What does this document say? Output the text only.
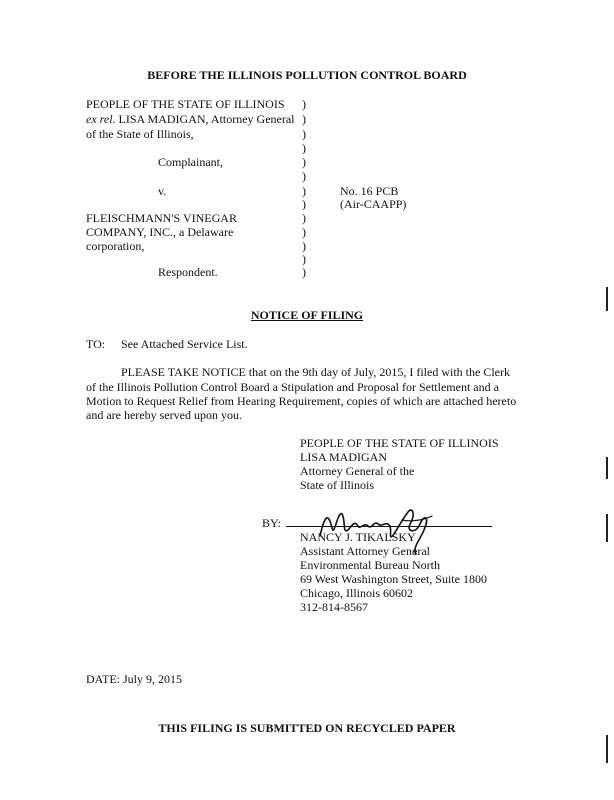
BEFORE THE ILLINOIS POLLUTION CONTROL BOARD
PEOPLE OF THE STATE OF ILLINOIS
ex rel. LISA MADIGAN, Attorney General
of the State of Illinois,
Complainant,
v.
FLEISCHMANN'S VINEGAR
COMPANY, INC., a Delaware
corporation,
Respondent.
)
)
)
)
)
)
)
)
)
)
)
)
)
No. 16 PCB
(Air-CAAPP)
NOTICE OF FILING
TO: See Attached Service List.
PLEASE TAKE NOTICE that on the 9th day of July, 2015, I filed with the Clerk
of the Illinois Pollution Control Board a Stipulation and Proposal for Settlement and a
Motion to Request Relief from Hearing Requirement, copies of which are attached hereto
and are hereby served upon you.
PEOPLE OF THE STATE OF ILLINOIS
LISA MADIGAN
Attorney General of the
State of Illinois
BY:
NANCY J. TIKALSKY
Assistant Attorney General
Environmental Bureau North
69 West Washington Street, Suite 1800
Chicago, Illinois 60602
312-814-8567
DATE: July 9, 2015
THIS FILING IS SUBMITTED ON RECYCLED PAPER
